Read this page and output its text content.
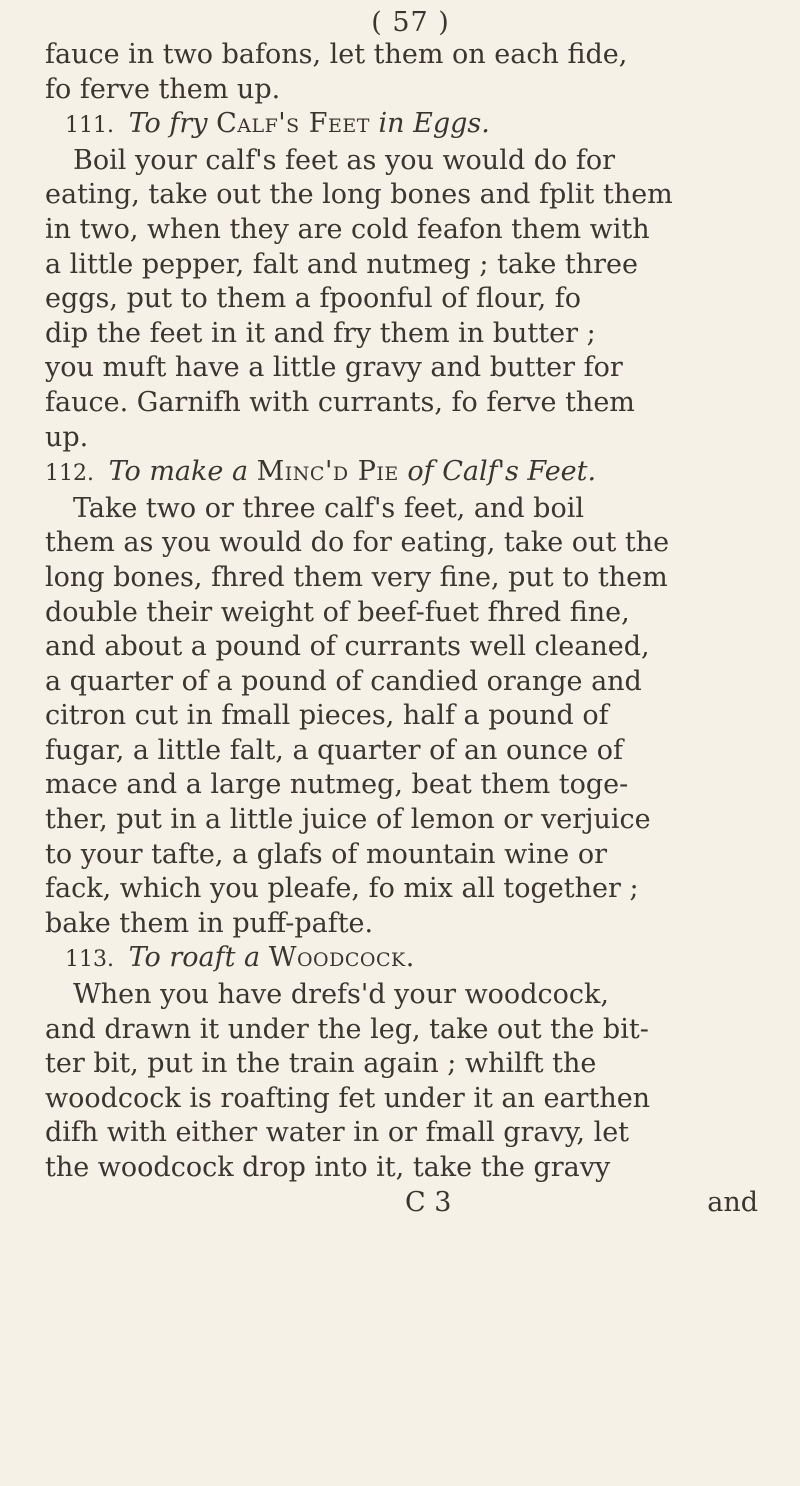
( 57 )
fauce in two bafons, let them on each fide,
fo ferve them up.
111. To fry Calf's Feet in Eggs.
Boil your calf's feet as you would do for
eating, take out the long bones and fplit them
in two, when they are cold feafon them with
a little pepper, falt and nutmeg ; take three
eggs, put to them a fpoonful of flour, fo
dip the feet in it and fry them in butter ;
you muft have a little gravy and butter for
fauce. Garnifh with currants, fo ferve them
up.
112. To make a Minc'd Pie of Calf's Feet.
Take two or three calf's feet, and boil
them as you would do for eating, take out the
long bones, fhred them very fine, put to them
double their weight of beef-fuet fhred fine,
and about a pound of currants well cleaned,
a quarter of a pound of candied orange and
citron cut in fmall pieces, half a pound of
fugar, a little falt, a quarter of an ounce of
mace and a large nutmeg, beat them toge-
ther, put in a little juice of lemon or verjuice
to your tafte, a glafs of mountain wine or
fack, which you pleafe, fo mix all together ;
bake them in puff-pafte.
113. To roaft a Woodcock.
When you have drefs'd your woodcock,
and drawn it under the leg, take out the bit-
ter bit, put in the train again ; whilft the
woodcock is roafting fet under it an earthen
difh with either water in or fmall gravy, let
the woodcock drop into it, take the gravy
C 3	and
